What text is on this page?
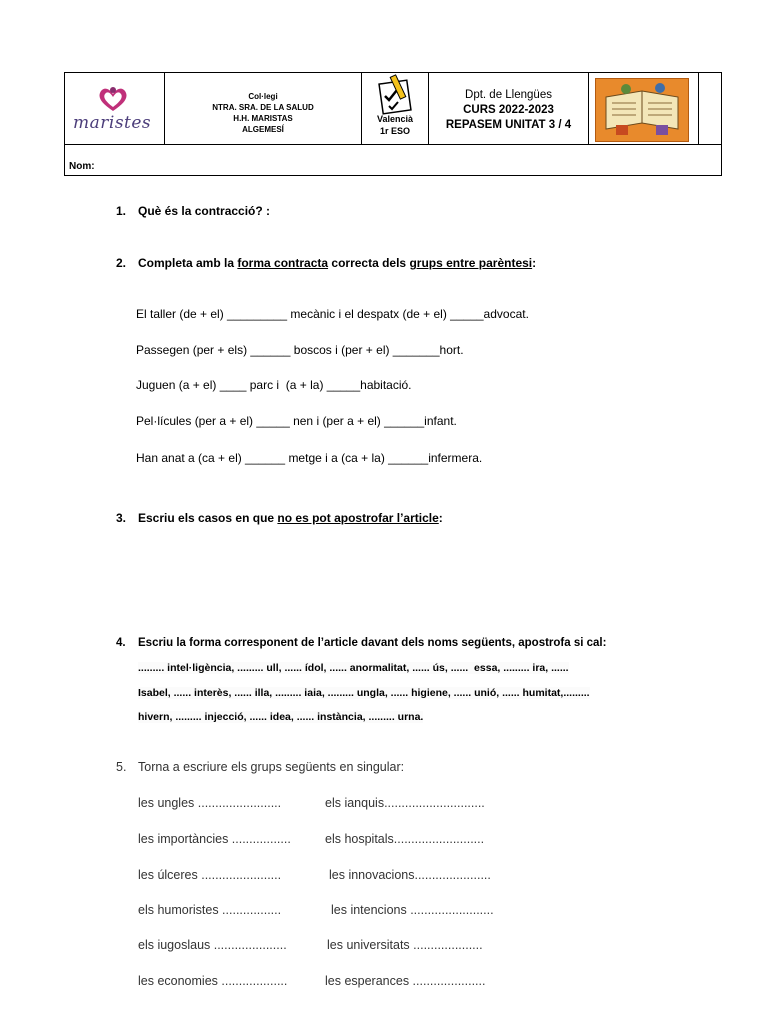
maristes
Col·legi
NTRA. SRA. DE LA SALUD
H.H. MARISTAS
ALGEMESÍ
Valencià
1r ESO
Dpt. de Llengües
CURS 2022-2023
REPASEM UNITAT 3 / 4
Nom:
1. Què és la contracció? :
2. Completa amb la forma contracta correcta dels grups entre parèntesi:
El taller (de + el) _________ mecànic i el despatx (de + el) _____advocat.
Passegen (per + els) ______ boscos i (per + el) _______hort.
Juguen (a + el) ____ parc i  (a + la) _____habitació.
Pel·lícules (per a + el) _____ nen i (per a + el) ______infant.
Han anat a (ca + el) ______ metge i a (ca + la) ______infermera.
3. Escriu els casos en que no es pot apostrofar l’article:
4. Escriu la forma corresponent de l’article davant dels noms següents, apostrofa si cal:
......... intel·ligència, ......... ull, ...... ídol, ...... anormalitat, ...... ús, ......  essa, ......... ira, ......
Isabel, ...... interès, ...... illa, ......... iaia, ......... ungla, ...... higiene, ...... unió, ...... humitat,.........
hivern, ......... injecció, ...... idea, ...... instància, ......... urna.
5. Torna a escriure els grups següents en singular:
les ungles ........................	els ianquis.............................
les importàncies .................	els hospitals..........................
les úlceres .......................	les innovacions......................
els humoristes .................	les intencions ........................
els iugoslaus .....................	les universitats ....................
les economies ...................	les esperances .....................
